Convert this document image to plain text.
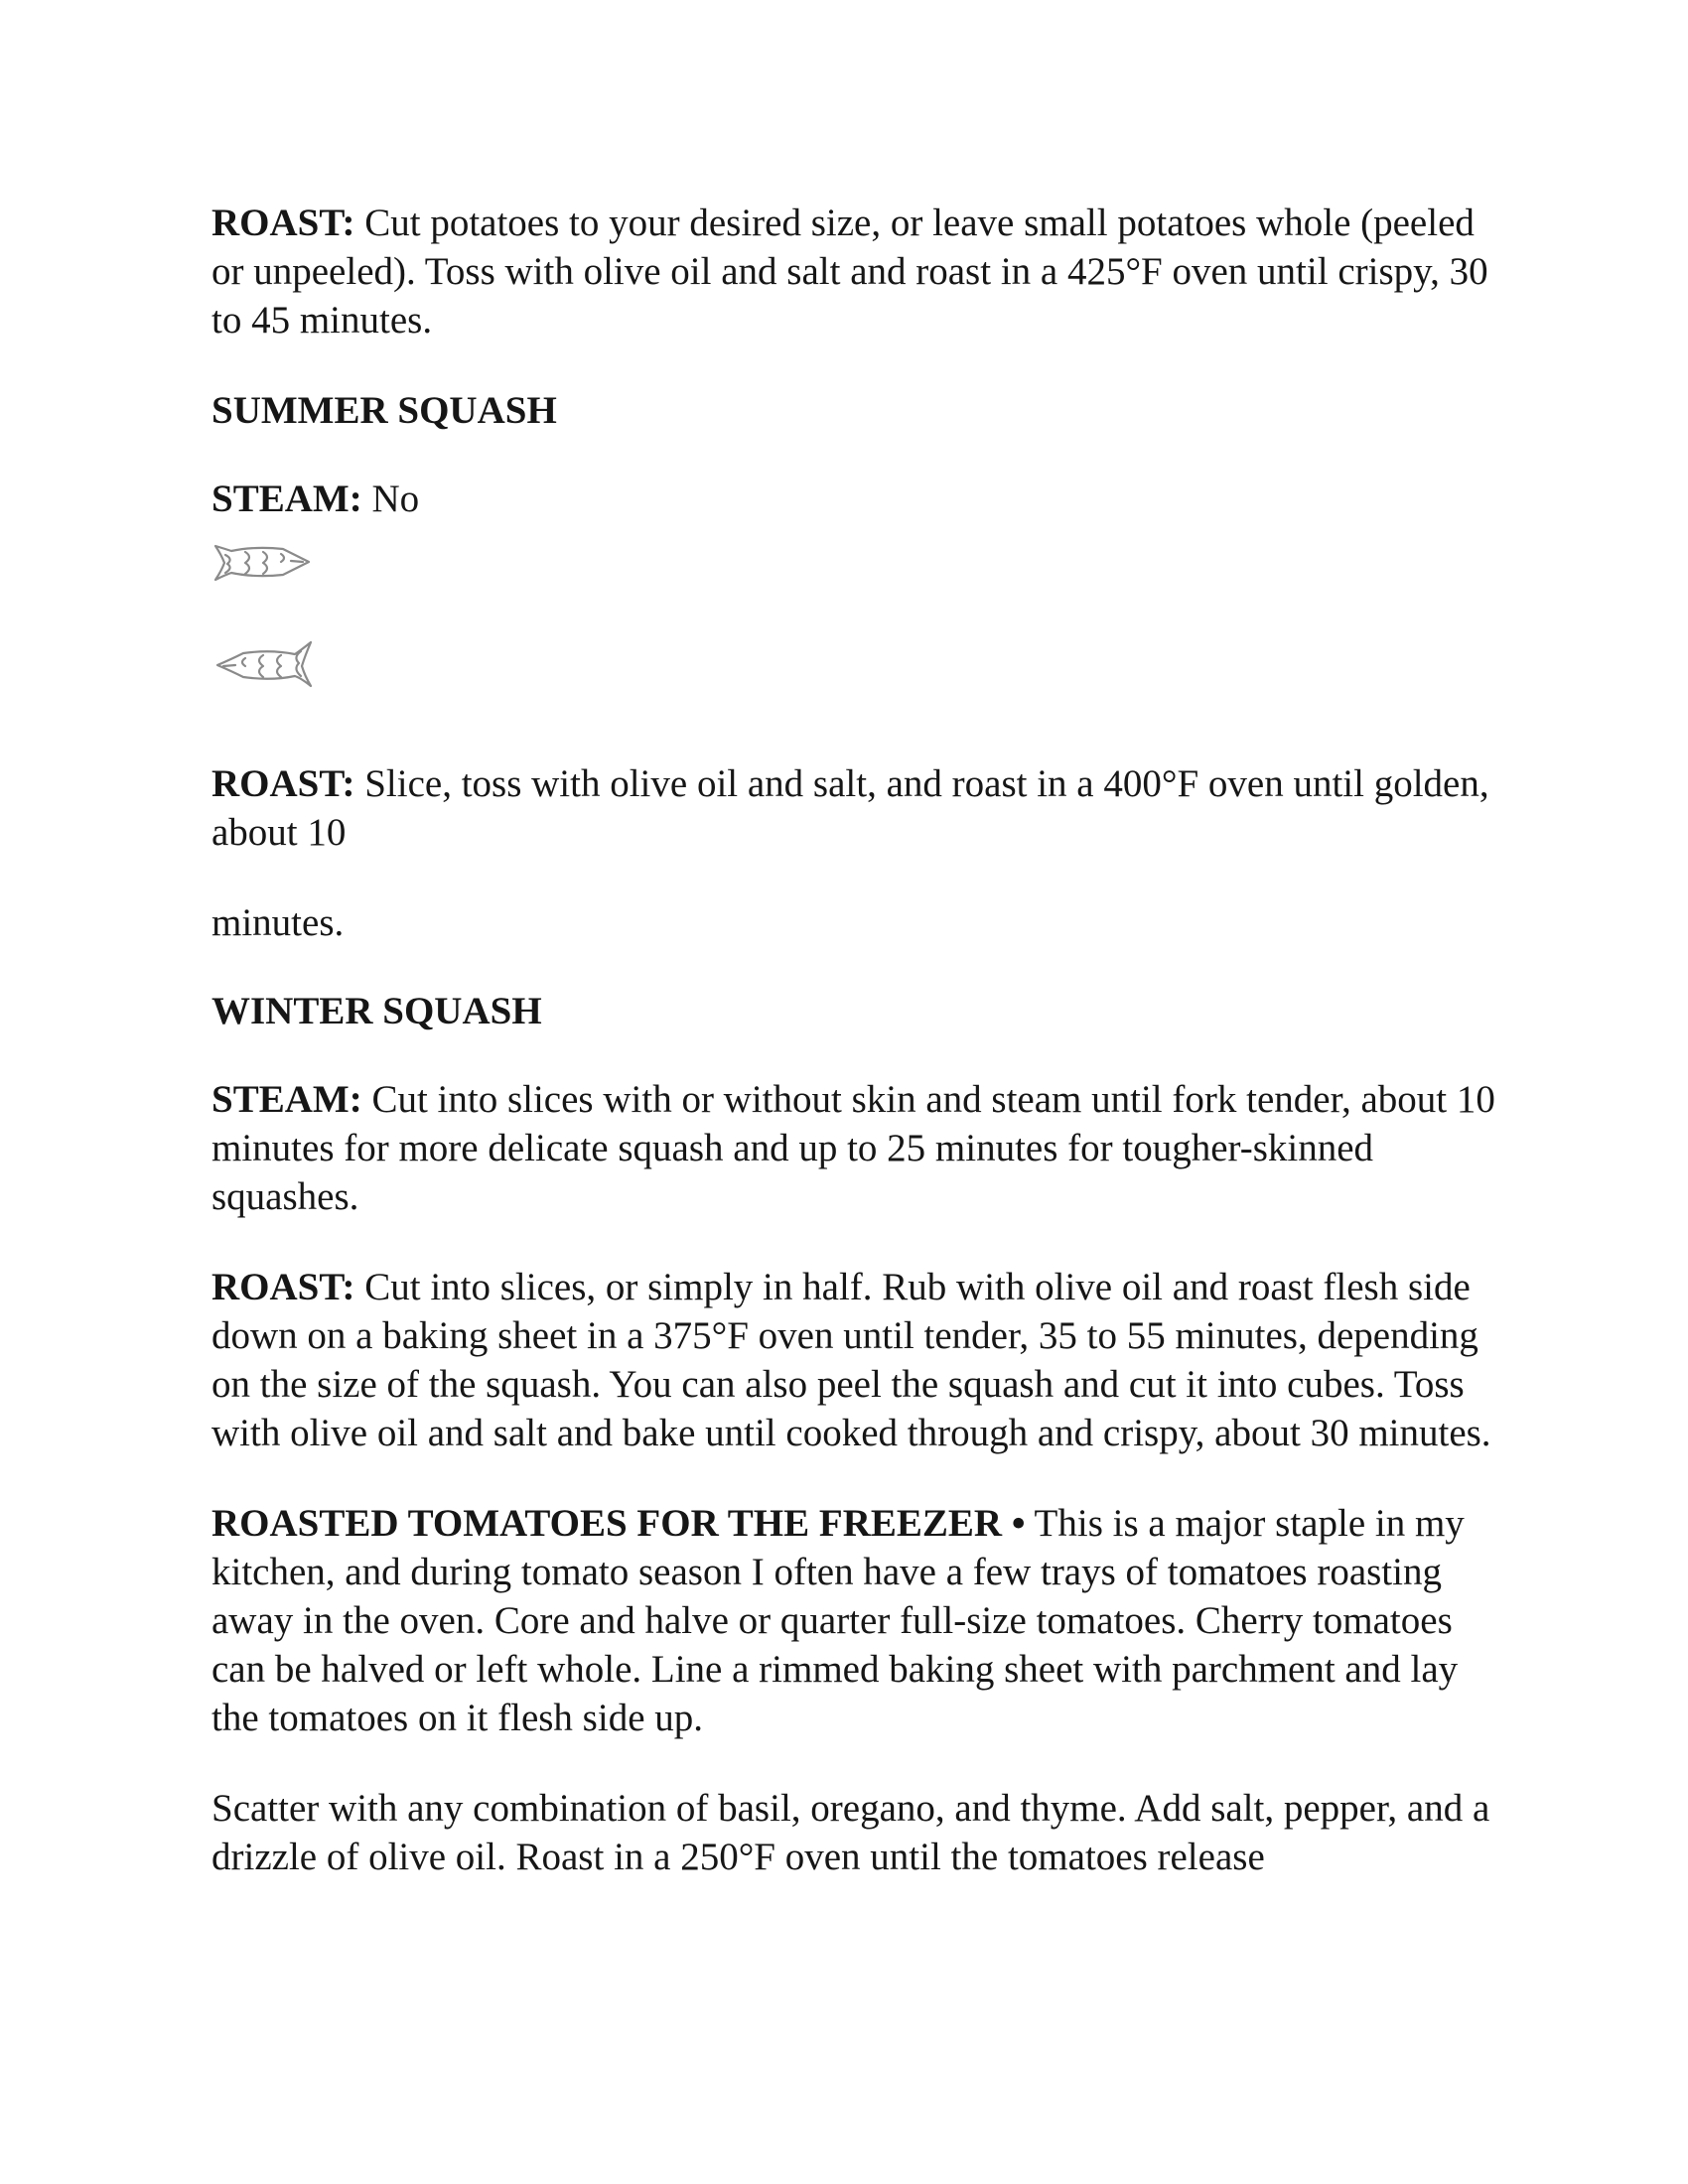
ROAST: Cut potatoes to your desired size, or leave small potatoes whole (peeled or unpeeled). Toss with olive oil and salt and roast in a 425°F oven until crispy, 30 to 45 minutes.

SUMMER SQUASH

STEAM: No

ROAST: Slice, toss with olive oil and salt, and roast in a 400°F oven until golden, about 10

minutes.

WINTER SQUASH

STEAM: Cut into slices with or without skin and steam until fork tender, about 10 minutes for more delicate squash and up to 25 minutes for tougher-skinned squashes.

ROAST: Cut into slices, or simply in half. Rub with olive oil and roast flesh side down on a baking sheet in a 375°F oven until tender, 35 to 55 minutes, depending on the size of the squash. You can also peel the squash and cut it into cubes. Toss with olive oil and salt and bake until cooked through and crispy, about 30 minutes.

ROASTED TOMATOES FOR THE FREEZER • This is a major staple in my kitchen, and during tomato season I often have a few trays of tomatoes roasting away in the oven. Core and halve or quarter full-size tomatoes. Cherry tomatoes can be halved or left whole. Line a rimmed baking sheet with parchment and lay the tomatoes on it flesh side up.

Scatter with any combination of basil, oregano, and thyme. Add salt, pepper, and a drizzle of olive oil. Roast in a 250°F oven until the tomatoes release
